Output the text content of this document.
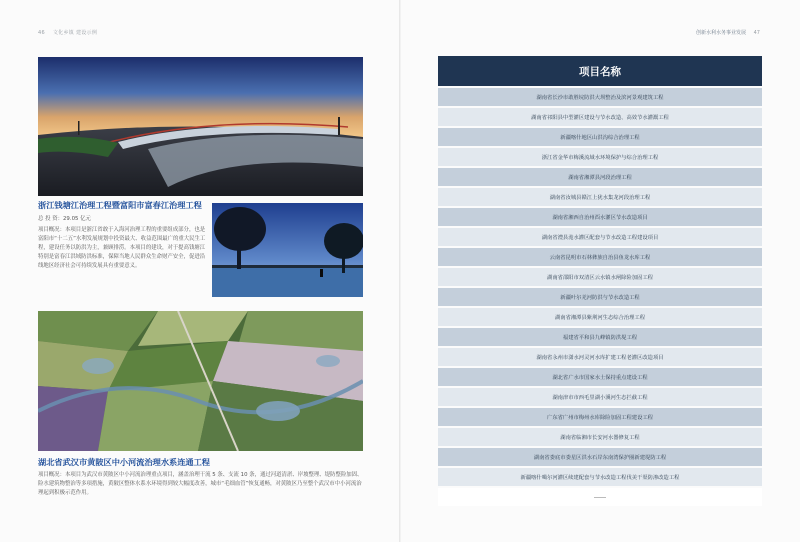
46 文化乡镇 建设示例	创新水利水务事业发展 47
浙江钱塘江治理工程暨富阳市富春江治理工程
总 投 资：29.05 亿元
项目概况：本项目是浙江省敢于入海河治理工程的重要组成部分，也是富阳市“十二五”水利发展规划中投资最大、收益范围最广的重大民生工程，建设任务以防洪为主，兼顾排涝。本项目的建设，对于提高钱塘江特别是富春江洪域防洪标准，保障当地人民群众生命财产安全，促进沿线地区经济社会可持续发展具有重要意义。
湖北省武汉市黄陂区中小河流治理水系连通工程
项目概况：本项目为武汉市黄陂区中小河流治理重点项目，涵盖治理干流 5 条、支流 10 条，通过河道清淤、岸坡整理、堤防整险加固、险水建筑物整治等多项措施，黄陂区整体水系水环境得到较大幅度改善，城市“毛细血管”恢复通畅，对黄陂区乃至整个武汉市中小河流治理起到积极示范作用。
项目名称
湖南省长沙市敢胜垸防洪大坝整治及滨河景观建筑工程
湖南省祁阳县中型灌区建设与节水改造、高效节水灌溉工程
新疆喀什地区山洪沟综合治理工程
浙江省金华市梅溪流域水环境保护与综合治理工程
湖南省湘潭县河段治理工程
湖南省汝城县赣江上犹水集龙河段治理工程
湖南省湘西自治州酉水灌区节水改造项目
湖南省澧县洈水灌区配套与节水改造工程建设项目
云南省昆明市石林彝族自治县鱼龙水库工程
湖南省邵阳市双清区云水镇水闸除险加固工程
新疆叶尔羌河防洪与节水改造工程
湖南省湘潭县紫荆河生态综合治理工程
福建省平和县九峰镇防洪堤工程
湖南省永州市潇水河灵河水库扩建工程老灌区改造项目
湖北省广水市国家水土保持重点建设工程
湖南津市市西毛里湖小溪河生态拦截工程
广东省广州市梅州水库除险加固工程建设工程
湖南省临湘市长安河水器修复工程
湖南省娄底市娄星区洪水石岸东南湾保护圈新建堤防工程
新疆喀什噶尔河灌区续建配套与节水改造工程伐美干渠防渗改造工程
